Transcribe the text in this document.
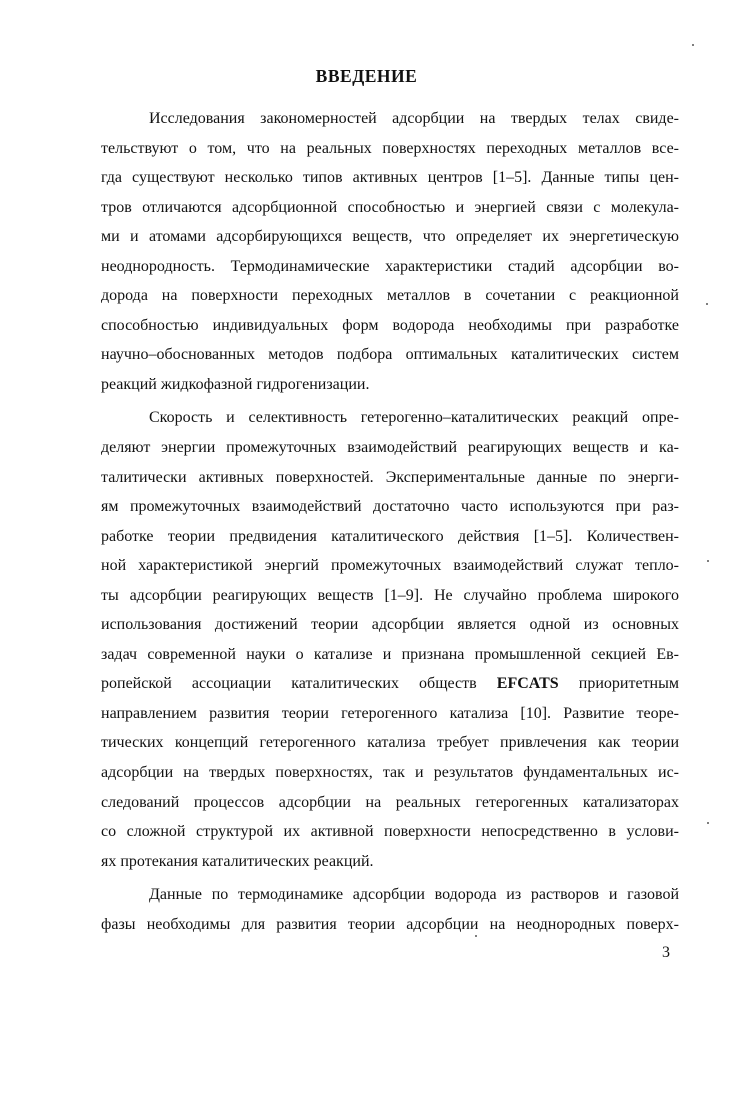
ВВЕДЕНИЕ
Исследования закономерностей адсорбции на твердых телах свиде-
тельствуют о том, что на реальных поверхностях переходных металлов все-
гда существуют несколько типов активных центров [1–5]. Данные типы цен-
тров отличаются адсорбционной способностью и энергией связи с молекула-
ми и атомами адсорбирующихся веществ, что определяет их энергетическую
неоднородность. Термодинамические характеристики стадий адсорбции во-
дорода на поверхности переходных металлов в сочетании с реакционной
способностью индивидуальных форм водорода необходимы при разработке
научно–обоснованных методов подбора оптимальных каталитических систем
реакций жидкофазной гидрогенизации.
Скорость и селективность гетерогенно–каталитических реакций опре-
деляют энергии промежуточных взаимодействий реагирующих веществ и ка-
талитически активных поверхностей. Экспериментальные данные по энерги-
ям промежуточных взаимодействий достаточно часто используются при раз-
работке теории предвидения каталитического действия [1–5]. Количествен-
ной характеристикой энергий промежуточных взаимодействий служат тепло-
ты адсорбции реагирующих веществ [1–9]. Не случайно проблема широкого
использования достижений теории адсорбции является одной из основных
задач современной науки о катализе и признана промышленной секцией Ев-
ропейской ассоциации каталитических обществ EFCATS приоритетным
направлением развития теории гетерогенного катализа [10]. Развитие теоре-
тических концепций гетерогенного катализа требует привлечения как теории
адсорбции на твердых поверхностях, так и результатов фундаментальных ис-
следований процессов адсорбции на реальных гетерогенных катализаторах
со сложной структурой их активной поверхности непосредственно в услови-
ях протекания каталитических реакций.
Данные по термодинамике адсорбции водорода из растворов и газовой
фазы необходимы для развития теории адсорбции на неоднородных поверх-
3
